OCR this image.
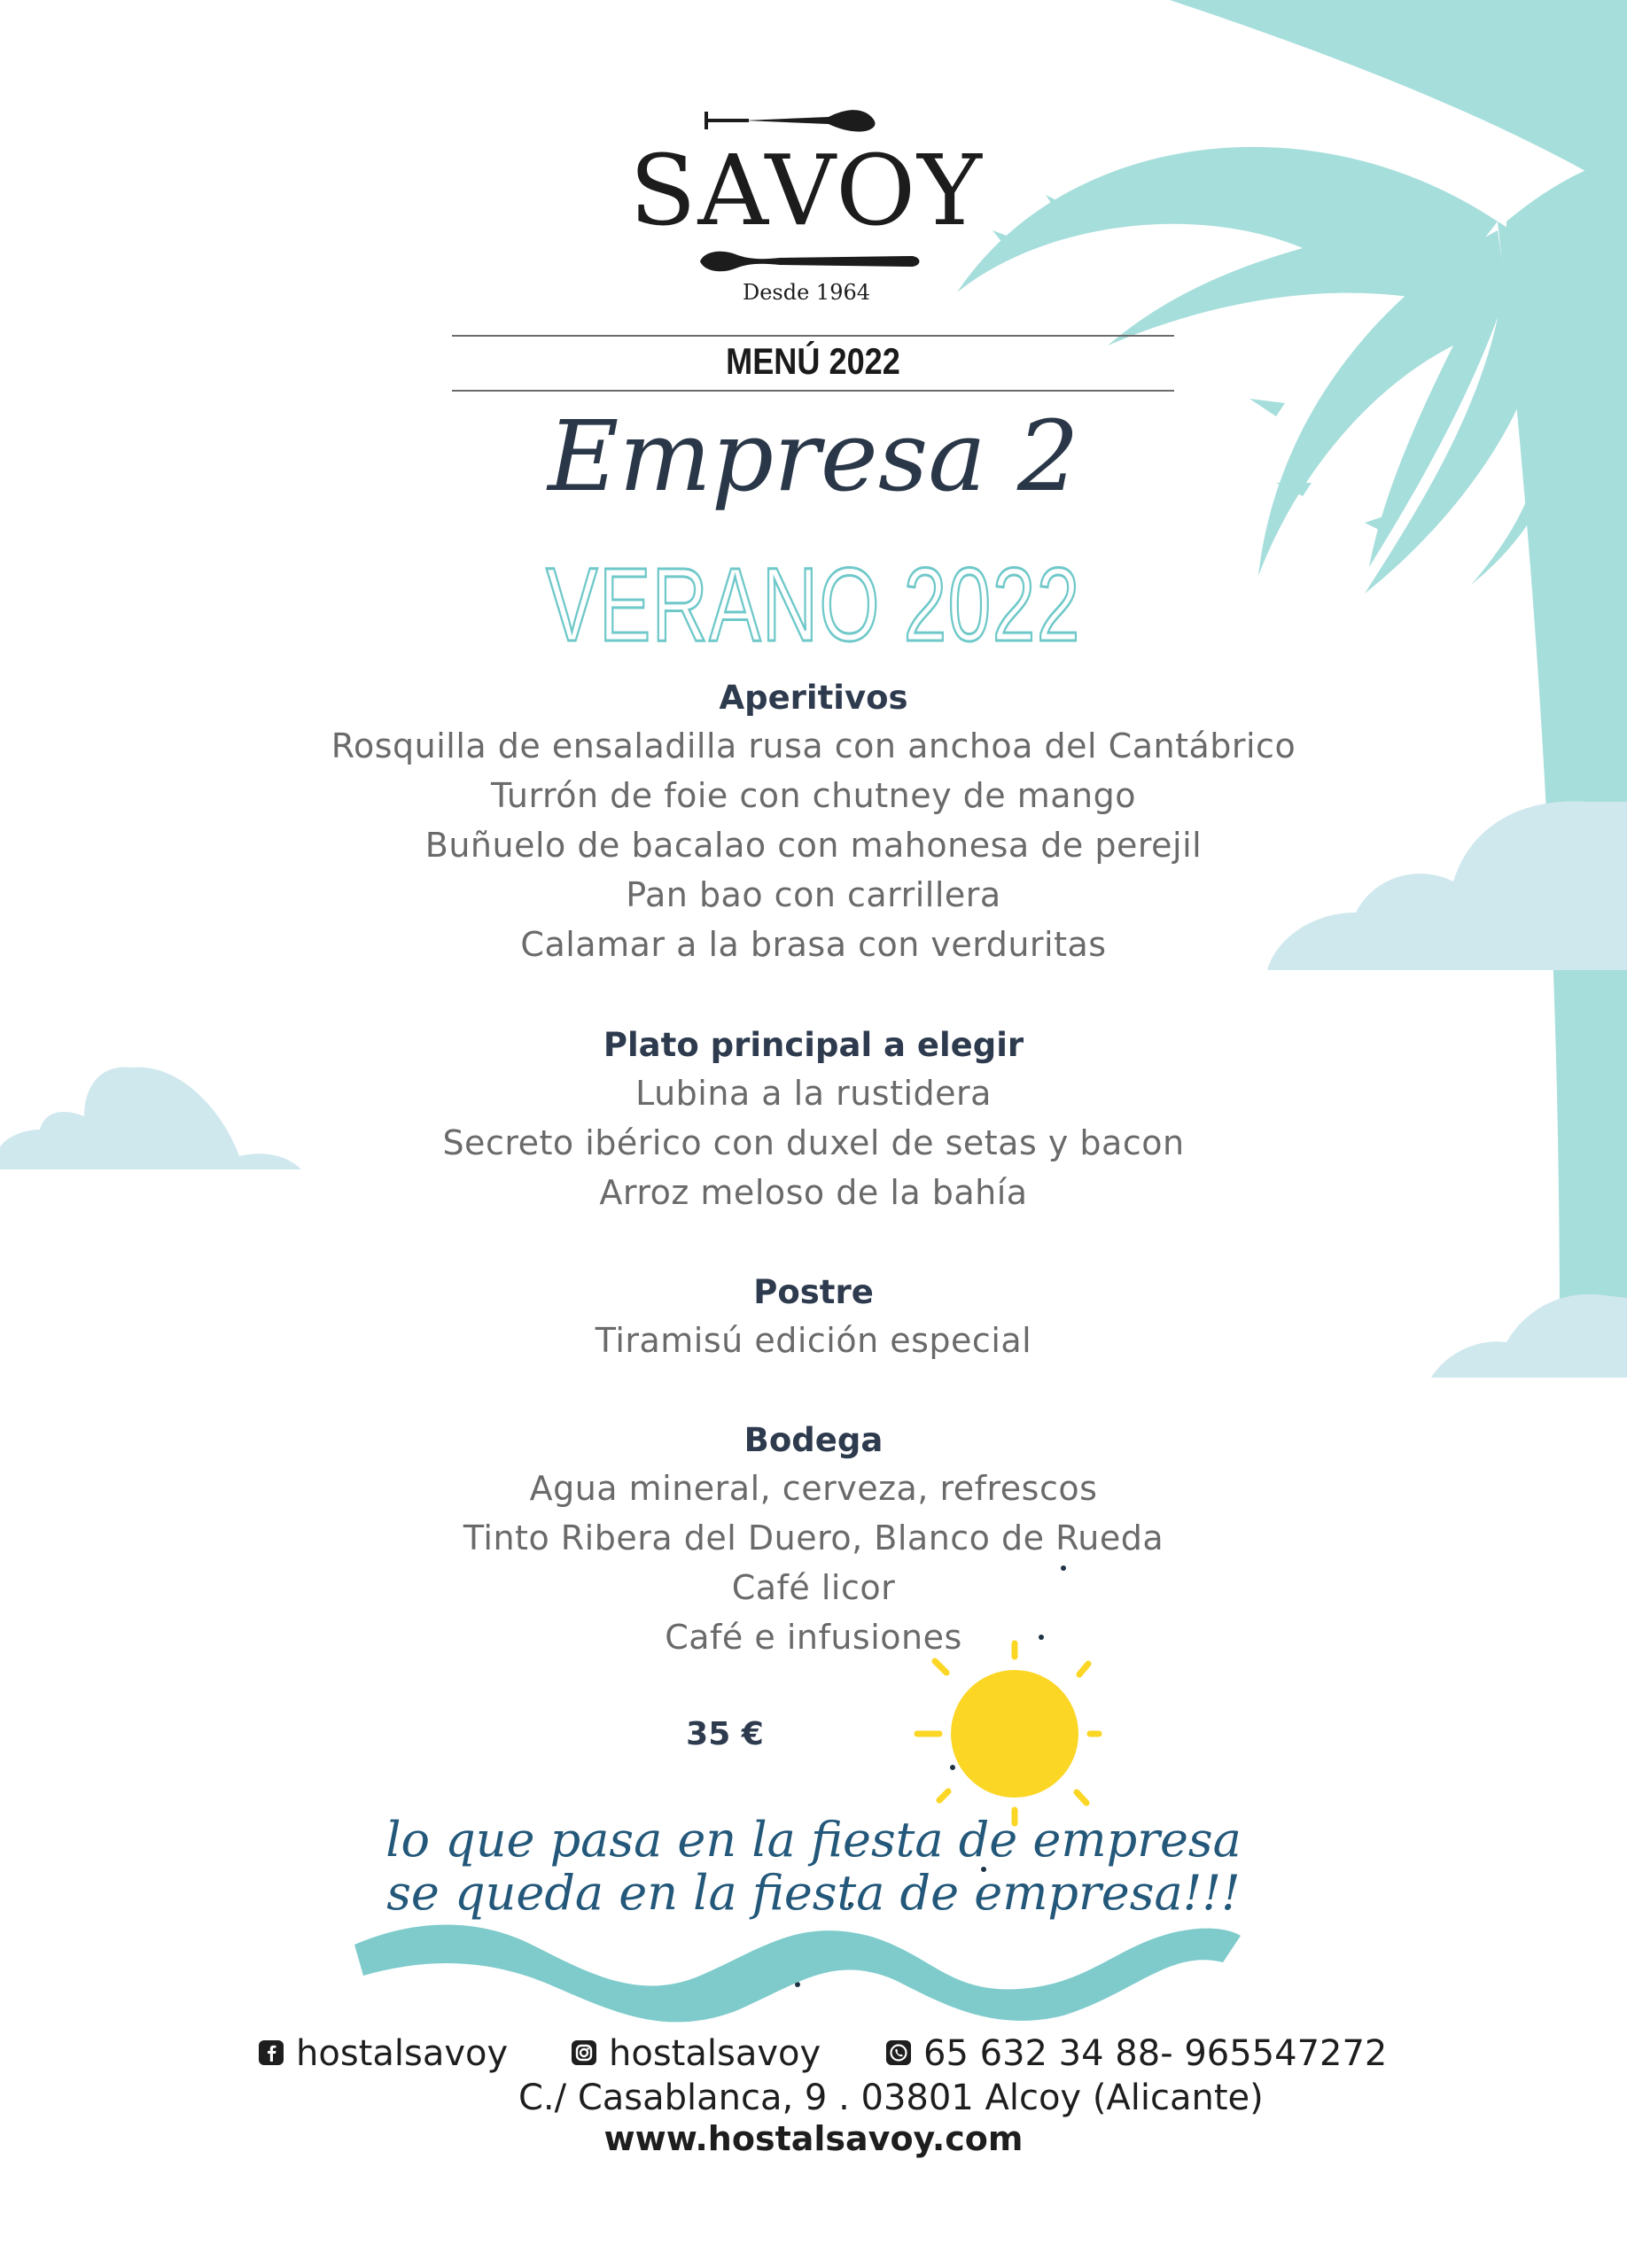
SAVOY
Desde 1964
MENÚ 2022
Empresa 2
VERANO 2022
Aperitivos
Rosquilla de ensaladilla rusa con anchoa del Cantábrico
Turrón de foie con chutney de mango
Buñuelo de bacalao con mahonesa de perejil
Pan bao con carrillera
Calamar a la brasa con verduritas
Plato principal a elegir
Lubina a la rustidera
Secreto ibérico con duxel de setas y bacon
Arroz meloso de la bahía
Postre
Tiramisú edición especial
Bodega
Agua mineral, cerveza, refrescos
Tinto Ribera del Duero, Blanco de Rueda
Café licor
Café e infusiones
35 €
lo que pasa en la fiesta de empresa
se queda en la fiesta de empresa!!!
hostalsavoy	hostalsavoy	65 632 34 88- 965547272
C./ Casablanca, 9 . 03801 Alcoy (Alicante)
www.hostalsavoy.com
